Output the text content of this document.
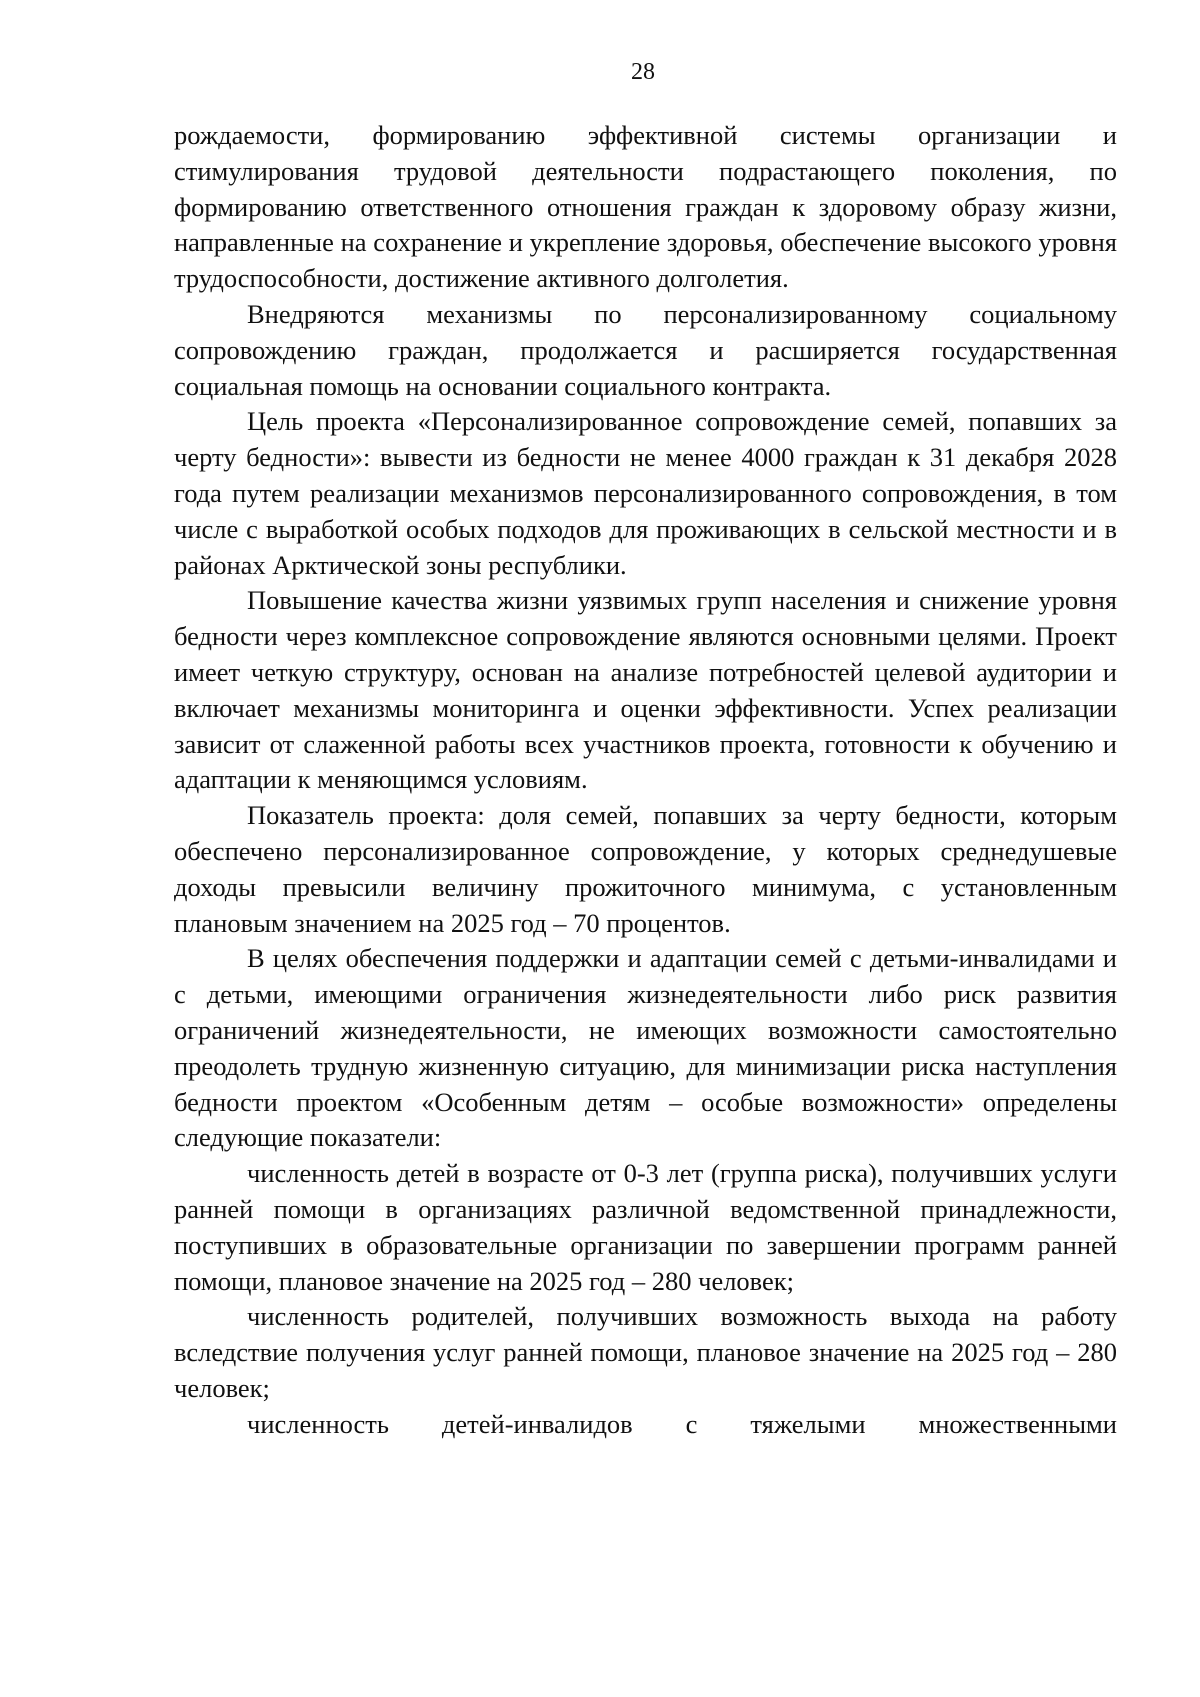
28

рождаемости, формированию эффективной системы организации и стимулирования трудовой деятельности подрастающего поколения, по формированию ответственного отношения граждан к здоровому образу жизни, направленные на сохранение и укрепление здоровья, обеспечение высокого уровня трудоспособности, достижение активного долголетия.

Внедряются механизмы по персонализированному социальному сопровождению граждан, продолжается и расширяется государственная социальная помощь на основании социального контракта.

Цель проекта «Персонализированное сопровождение семей, попавших за черту бедности»: вывести из бедности не менее 4000 граждан к 31 декабря 2028 года путем реализации механизмов персонализированного сопровождения, в том числе с выработкой особых подходов для проживающих в сельской местности и в районах Арктической зоны республики.

Повышение качества жизни уязвимых групп населения и снижение уровня бедности через комплексное сопровождение являются основными целями. Проект имеет четкую структуру, основан на анализе потребностей целевой аудитории и включает механизмы мониторинга и оценки эффективности. Успех реализации зависит от слаженной работы всех участников проекта, готовности к обучению и адаптации к меняющимся условиям.

Показатель проекта: доля семей, попавших за черту бедности, которым обеспечено персонализированное сопровождение, у которых среднедушевые доходы превысили величину прожиточного минимума, с установленным плановым значением на 2025 год – 70 процентов.

В целях обеспечения поддержки и адаптации семей с детьми-инвалидами и с детьми, имеющими ограничения жизнедеятельности либо риск развития ограничений жизнедеятельности, не имеющих возможности самостоятельно преодолеть трудную жизненную ситуацию, для минимизации риска наступления бедности проектом «Особенным детям – особые возможности» определены следующие показатели:

численность детей в возрасте от 0-3 лет (группа риска), получивших услуги ранней помощи в организациях различной ведомственной принадлежности, поступивших в образовательные организации по завершении программ ранней помощи, плановое значение на 2025 год – 280 человек;

численность родителей, получивших возможность выхода на работу вследствие получения услуг ранней помощи, плановое значение на 2025 год – 280 человек;

численность детей-инвалидов с тяжелыми множественными
